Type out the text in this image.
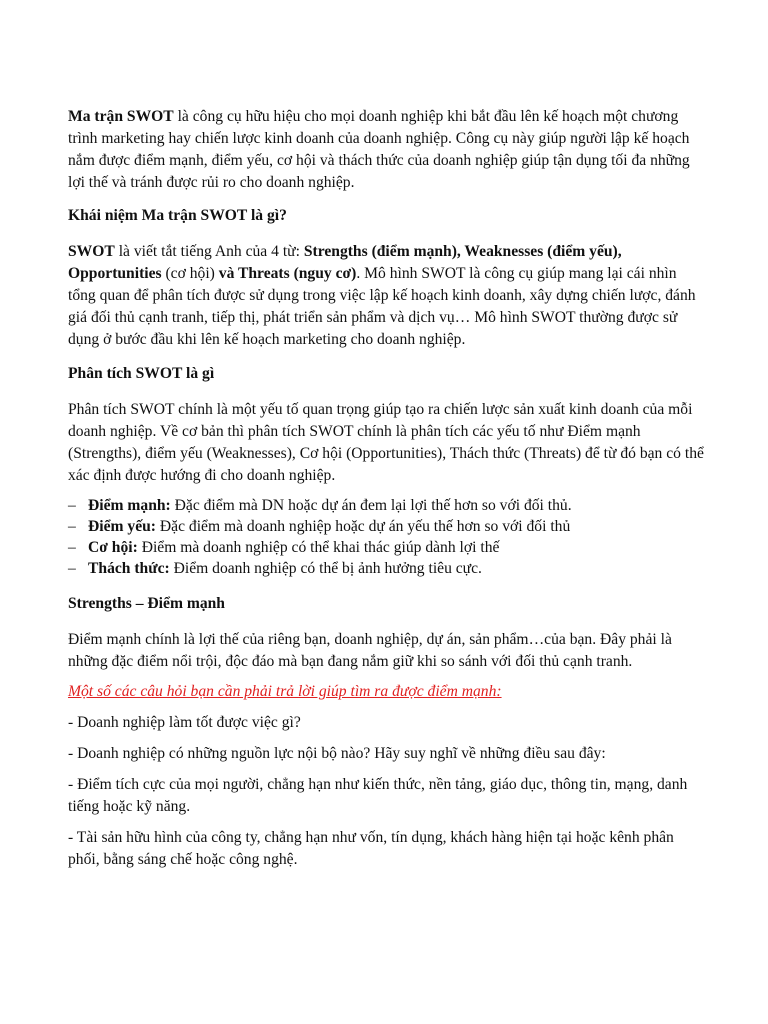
Ma trận SWOT là công cụ hữu hiệu cho mọi doanh nghiệp khi bắt đầu lên kế hoạch một chương trình marketing hay chiến lược kinh doanh của doanh nghiệp. Công cụ này giúp người lập kế hoạch nắm được điểm mạnh, điểm yếu, cơ hội và thách thức của doanh nghiệp giúp tận dụng tối đa những lợi thế và tránh được rủi ro cho doanh nghiệp.

Khái niệm Ma trận SWOT là gì?

SWOT là viết tắt tiếng Anh của 4 từ: Strengths (điểm mạnh), Weaknesses (điểm yếu), Opportunities (cơ hội) và Threats (nguy cơ). Mô hình SWOT là công cụ giúp mang lại cái nhìn tổng quan để phân tích được sử dụng trong việc lập kế hoạch kinh doanh, xây dựng chiến lược, đánh giá đối thủ cạnh tranh, tiếp thị, phát triển sản phẩm và dịch vụ… Mô hình SWOT thường được sử dụng ở bước đầu khi lên kế hoạch marketing cho doanh nghiệp.

Phân tích SWOT là gì

Phân tích SWOT chính là một yếu tố quan trọng giúp tạo ra chiến lược sản xuất kinh doanh của mỗi doanh nghiệp. Về cơ bản thì phân tích SWOT chính là phân tích các yếu tố như Điểm mạnh (Strengths), điểm yếu (Weaknesses), Cơ hội (Opportunities), Thách thức (Threats) để từ đó bạn có thể xác định được hướng đi cho doanh nghiệp.

– Điểm mạnh: Đặc điểm mà DN hoặc dự án đem lại lợi thế hơn so với đối thủ.
– Điểm yếu: Đặc điểm mà doanh nghiệp hoặc dự án yếu thế hơn so với đối thủ
– Cơ hội: Điểm mà doanh nghiệp có thể khai thác giúp dành lợi thế
– Thách thức: Điểm doanh nghiệp có thể bị ảnh hưởng tiêu cực.

Strengths – Điểm mạnh

Điểm mạnh chính là lợi thế của riêng bạn, doanh nghiệp, dự án, sản phẩm…của bạn. Đây phải là những đặc điểm nổi trội, độc đáo mà bạn đang nắm giữ khi so sánh với đối thủ cạnh tranh.

Một số các câu hỏi bạn cần phải trả lời giúp tìm ra được điểm mạnh:

- Doanh nghiệp làm tốt được việc gì?

- Doanh nghiệp có những nguồn lực nội bộ nào? Hãy suy nghĩ về những điều sau đây:

- Điểm tích cực của mọi người, chẳng hạn như kiến thức, nền tảng, giáo dục, thông tin, mạng, danh tiếng hoặc kỹ năng.

- Tài sản hữu hình của công ty, chẳng hạn như vốn, tín dụng, khách hàng hiện tại hoặc kênh phân phối, bằng sáng chế hoặc công nghệ.
